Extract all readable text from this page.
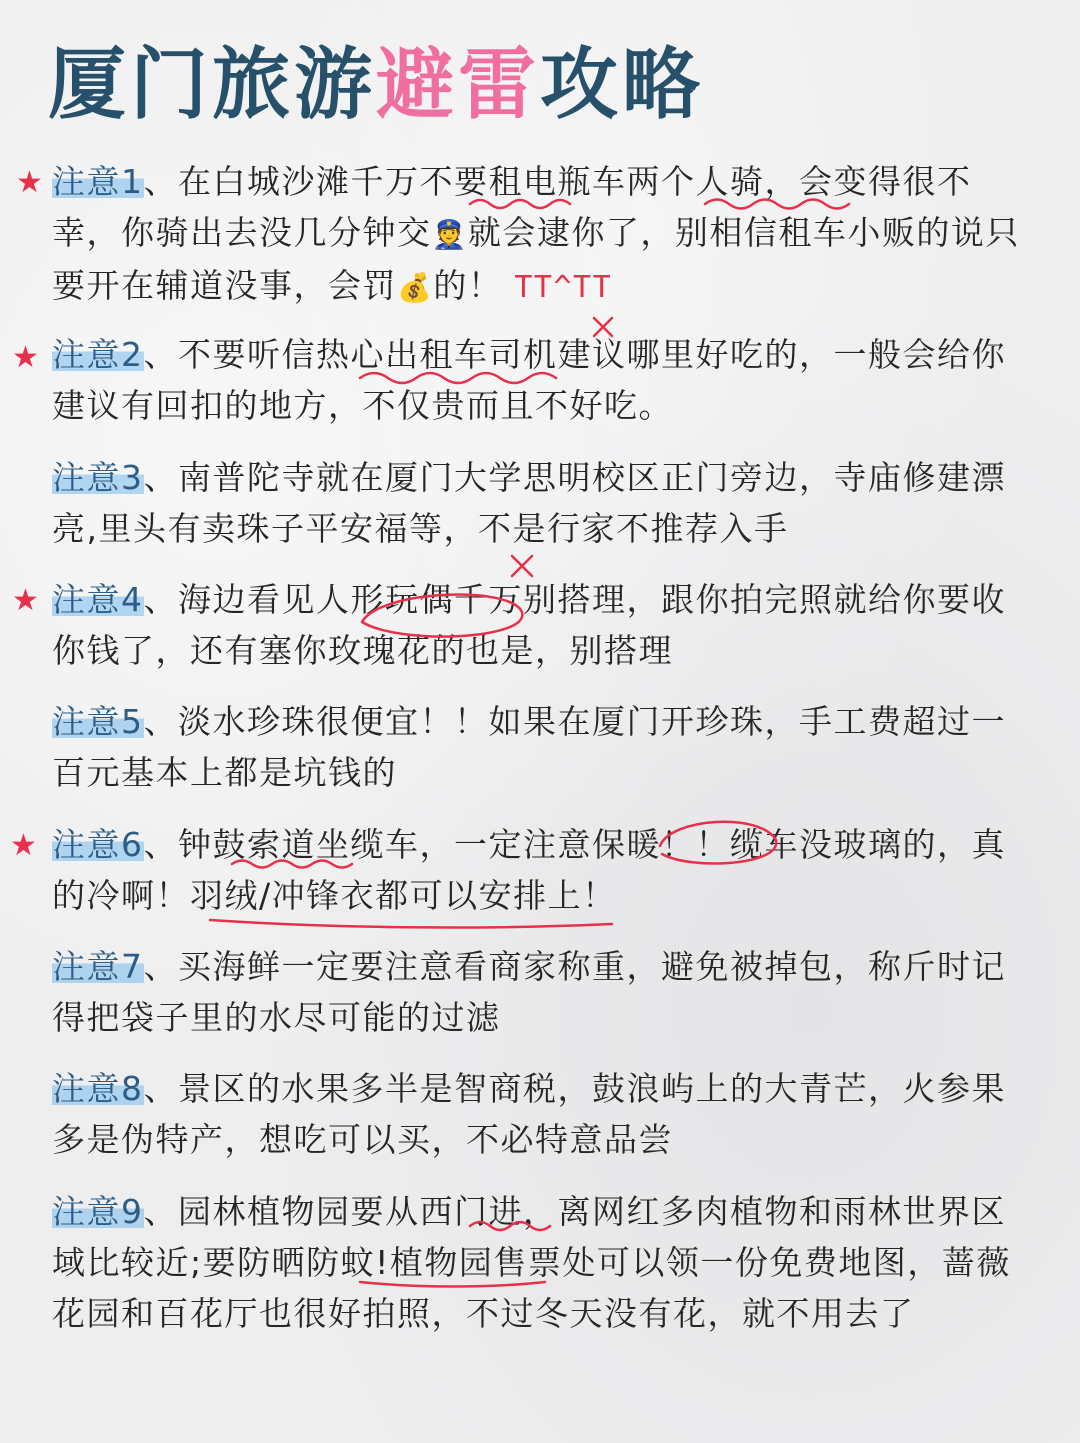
厦门旅游避雷攻略
★ 注意1、在白城沙滩千万不要租电瓶车两个人骑，会变得很不幸，你骑出去没几分钟交👮就会逮你了，别相信租车小贩的说只要开在辅道没事，会罚💰的！ TT^TT

★ 注意2、不要听信热心出租车司机建议哪里好吃的，一般会给你建议有回扣的地方，不仅贵而且不好吃。

注意3、南普陀寺就在厦门大学思明校区正门旁边，寺庙修建漂亮,里头有卖珠子平安福等，不是行家不推荐入手

★ 注意4、海边看见人形玩偶千万别搭理，跟你拍完照就给你要收你钱了，还有塞你玫瑰花的也是，别搭理

注意5、淡水珍珠很便宜！！如果在厦门开珍珠，手工费超过一百元基本上都是坑钱的

★ 注意6、钟鼓索道坐缆车，一定注意保暖！！缆车没玻璃的，真的冷啊！羽绒/冲锋衣都可以安排上！

注意7、买海鲜一定要注意看商家称重，避免被掉包，称斤时记得把袋子里的水尽可能的过滤

注意8、景区的水果多半是智商税，鼓浪屿上的大青芒，火参果多是伪特产，想吃可以买，不必特意品尝

注意9、园林植物园要从西门进，离网红多肉植物和雨林世界区域比较近;要防晒防蚊!植物园售票处可以领一份免费地图，蔷薇花园和百花厅也很好拍照，不过冬天没有花，就不用去了
